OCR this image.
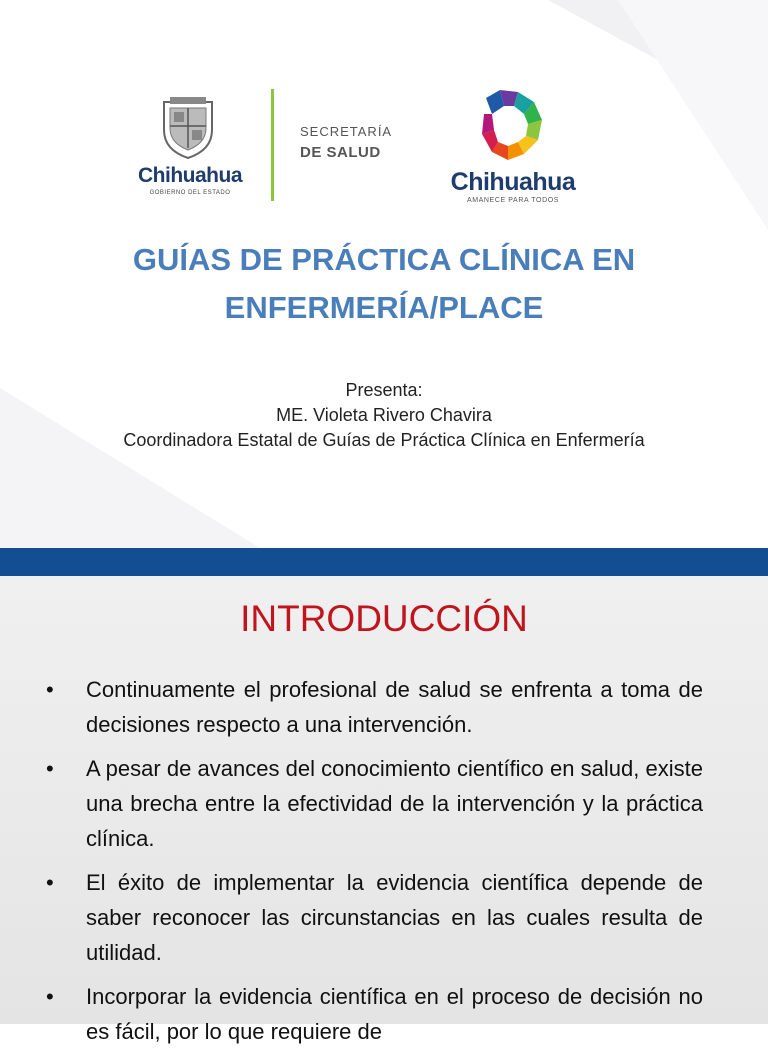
Chihuahua
GOBIERNO DEL ESTADO
SECRETARÍA
DE SALUD
Chihuahua
AMANECE PARA TODOS
GUÍAS DE PRÁCTICA CLÍNICA EN
ENFERMERÍA/PLACE
Presenta:
ME. Violeta Rivero Chavira
Coordinadora Estatal de Guías de Práctica Clínica en Enfermería
INTRODUCCIÓN
• Continuamente el profesional de salud se enfrenta a toma de decisiones respecto a una intervención.
• A pesar de avances del conocimiento científico en salud, existe una brecha entre la efectividad de la intervención y la práctica clínica.
• El éxito de implementar la evidencia científica depende de saber reconocer las circunstancias en las cuales resulta de utilidad.
• Incorporar la evidencia científica en el proceso de decisión no es fácil, por lo que requiere de
